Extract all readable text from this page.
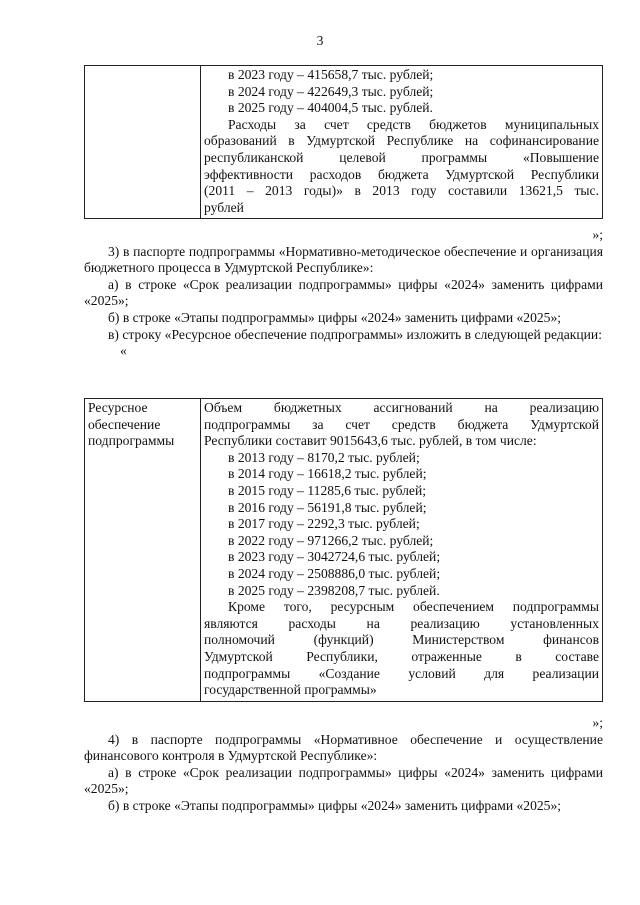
3

в 2023 году – 415658,7 тыс. рублей;
в 2024 году – 422649,3 тыс. рублей;
в 2025 году – 404004,5 тыс. рублей.
Расходы за счет средств бюджетов муниципальных
образований в Удмуртской Республике на софинансирование
республиканской целевой программы «Повышение
эффективности расходов бюджета Удмуртской Республики
(2011 – 2013 годы)» в 2013 году составили 13621,5 тыс.
рублей

»;

3) в паспорте подпрограммы «Нормативно-методическое обеспечение и организация бюджетного процесса в Удмуртской Республике»:

а) в строке «Срок реализации подпрограммы» цифры «2024» заменить цифрами «2025»;

б) в строке «Этапы подпрограммы» цифры «2024» заменить цифрами «2025»;

в) строку «Ресурсное обеспечение подпрограммы» изложить в следующей редакции:

«

Ресурсное
обеспечение
подпрограммы

Объем бюджетных ассигнований на реализацию
подпрограммы за счет средств бюджета Удмуртской
Республики составит 9015643,6 тыс. рублей, в том числе:
в 2013 году – 8170,2 тыс. рублей;
в 2014 году – 16618,2 тыс. рублей;
в 2015 году – 11285,6 тыс. рублей;
в 2016 году – 56191,8 тыс. рублей;
в 2017 году – 2292,3 тыс. рублей;
в 2022 году – 971266,2 тыс. рублей;
в 2023 году – 3042724,6 тыс. рублей;
в 2024 году – 2508886,0 тыс. рублей;
в 2025 году – 2398208,7 тыс. рублей.
Кроме того, ресурсным обеспечением подпрограммы
являются расходы на реализацию установленных
полномочий (функций) Министерством финансов
Удмуртской Республики, отраженные в составе
подпрограммы «Создание условий для реализации
государственной программы»

»;

4) в паспорте подпрограммы «Нормативное обеспечение и осуществление финансового контроля в Удмуртской Республике»:

а) в строке «Срок реализации подпрограммы» цифры «2024» заменить цифрами «2025»;

б) в строке «Этапы подпрограммы» цифры «2024» заменить цифрами «2025»;
